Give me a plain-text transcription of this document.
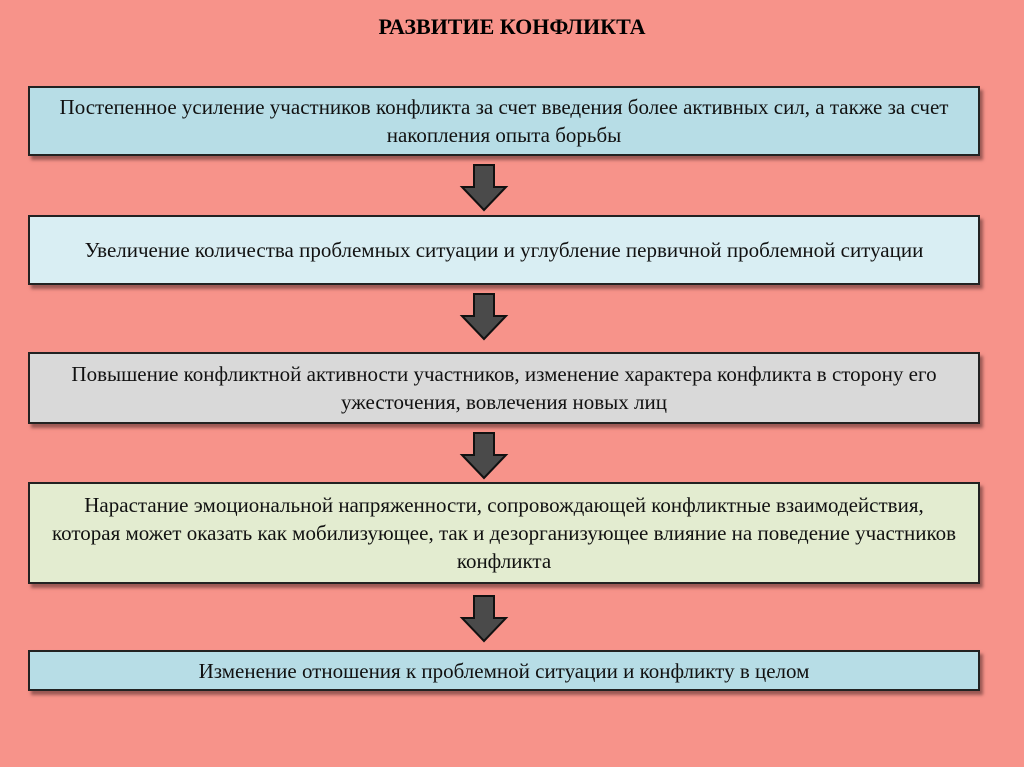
РАЗВИТИЕ КОНФЛИКТА
Постепенное усиление участников конфликта за счет введения более активных сил, а также за счет накопления опыта борьбы
Увеличение количества проблемных ситуации и углубление первичной проблемной ситуации
Повышение конфликтной активности участников, изменение характера конфликта в сторону его ужесточения, вовлечения новых лиц
Нарастание эмоциональной напряженности, сопровождающей конфликтные взаимодействия, которая может оказать как мобилизующее, так и дезорганизующее влияние на поведение участников конфликта
Изменение отношения к проблемной ситуации и конфликту в целом
